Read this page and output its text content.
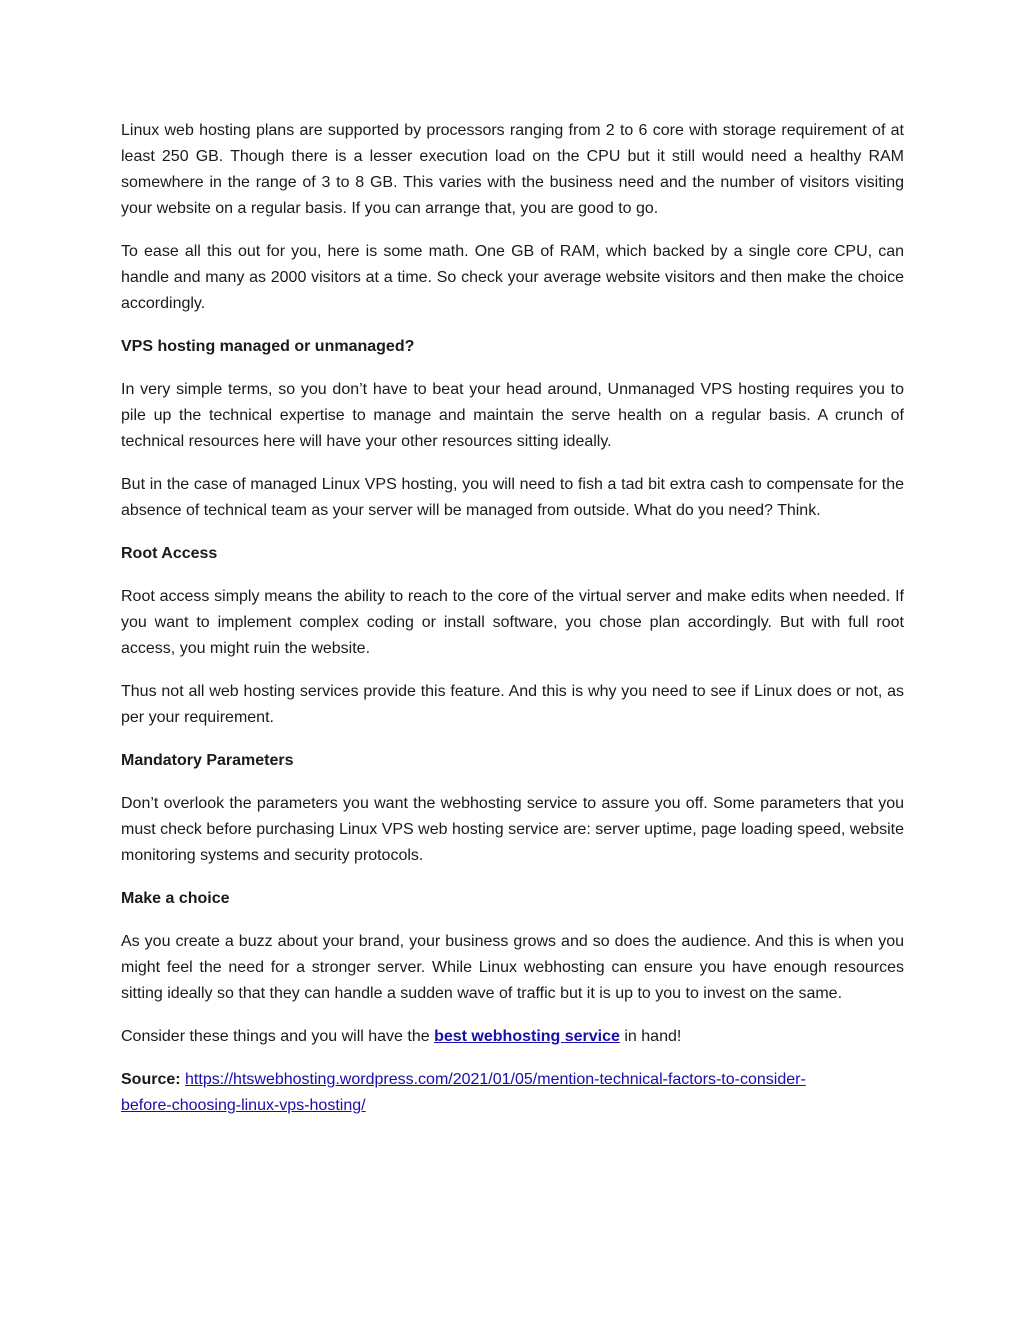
Linux web hosting plans are supported by processors ranging from 2 to 6 core with storage requirement of at least 250 GB. Though there is a lesser execution load on the CPU but it still would need a healthy RAM somewhere in the range of 3 to 8 GB. This varies with the business need and the number of visitors visiting your website on a regular basis. If you can arrange that, you are good to go.

To ease all this out for you, here is some math. One GB of RAM, which backed by a single core CPU, can handle and many as 2000 visitors at a time. So check your average website visitors and then make the choice accordingly.

VPS hosting managed or unmanaged?

In very simple terms, so you don’t have to beat your head around, Unmanaged VPS hosting requires you to pile up the technical expertise to manage and maintain the serve health on a regular basis. A crunch of technical resources here will have your other resources sitting ideally.

But in the case of managed Linux VPS hosting, you will need to fish a tad bit extra cash to compensate for the absence of technical team as your server will be managed from outside. What do you need? Think.

Root Access

Root access simply means the ability to reach to the core of the virtual server and make edits when needed. If you want to implement complex coding or install software, you chose plan accordingly. But with full root access, you might ruin the website.

Thus not all web hosting services provide this feature. And this is why you need to see if Linux does or not, as per your requirement.

Mandatory Parameters

Don’t overlook the parameters you want the webhosting service to assure you off. Some parameters that you must check before purchasing Linux VPS web hosting service are: server uptime, page loading speed, website monitoring systems and security protocols.

Make a choice

As you create a buzz about your brand, your business grows and so does the audience. And this is when you might feel the need for a stronger server. While Linux webhosting can ensure you have enough resources sitting ideally so that they can handle a sudden wave of traffic but it is up to you to invest on the same.

Consider these things and you will have the best webhosting service in hand!

Source: https://htswebhosting.wordpress.com/2021/01/05/mention-technical-factors-to-consider-
before-choosing-linux-vps-hosting/
